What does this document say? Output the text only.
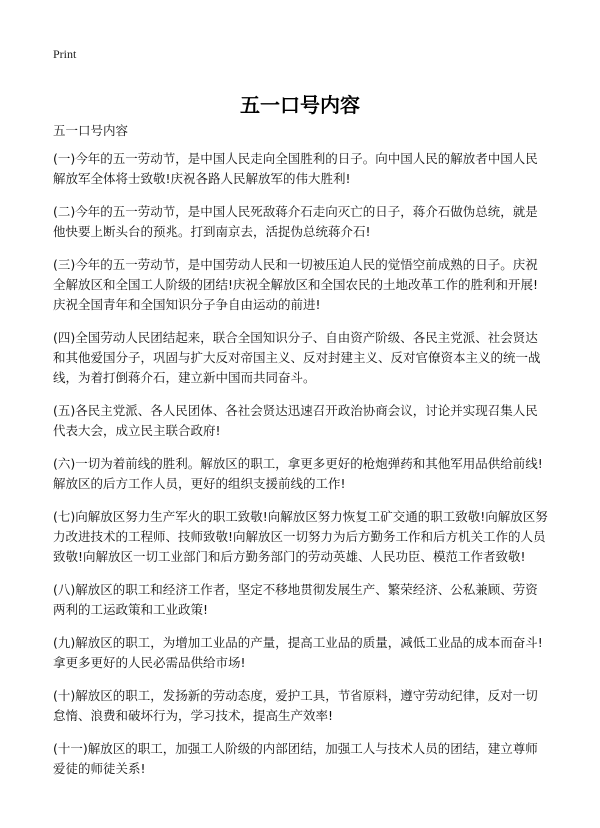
Print
五一口号内容

五一口号内容

(一)今年的五一劳动节，是中国人民走向全国胜利的日子。向中国人民的解放者中国人民解放军全体将士致敬!庆祝各路人民解放军的伟大胜利!

(二)今年的五一劳动节，是中国人民死敌蒋介石走向灭亡的日子，蒋介石做伪总统，就是他快要上断头台的预兆。打到南京去，活捉伪总统蒋介石!

(三)今年的五一劳动节，是中国劳动人民和一切被压迫人民的觉悟空前成熟的日子。庆祝全解放区和全国工人阶级的团结!庆祝全解放区和全国农民的土地改革工作的胜利和开展!庆祝全国青年和全国知识分子争自由运动的前进!

(四)全国劳动人民团结起来，联合全国知识分子、自由资产阶级、各民主党派、社会贤达和其他爱国分子，巩固与扩大反对帝国主义、反对封建主义、反对官僚资本主义的统一战线，为着打倒蒋介石，建立新中国而共同奋斗。

(五)各民主党派、各人民团体、各社会贤达迅速召开政治协商会议，讨论并实现召集人民代表大会，成立民主联合政府!

(六)一切为着前线的胜利。解放区的职工，拿更多更好的枪炮弹药和其他军用品供给前线!解放区的后方工作人员，更好的组织支援前线的工作!

(七)向解放区努力生产军火的职工致敬!向解放区努力恢复工矿交通的职工致敬!向解放区努力改进技术的工程师、技师致敬!向解放区一切努力为后方勤务工作和后方机关工作的人员致敬!向解放区一切工业部门和后方勤务部门的劳动英雄、人民功臣、模范工作者致敬!

(八)解放区的职工和经济工作者，坚定不移地贯彻发展生产、繁荣经济、公私兼顾、劳资两利的工运政策和工业政策!

(九)解放区的职工，为增加工业品的产量，提高工业品的质量，减低工业品的成本而奋斗!拿更多更好的人民必需品供给市场!

(十)解放区的职工，发扬新的劳动态度，爱护工具，节省原料，遵守劳动纪律，反对一切怠惰、浪费和破坏行为，学习技术，提高生产效率!

(十一)解放区的职工，加强工人阶级的内部团结，加强工人与技术人员的团结，建立尊师爱徒的师徒关系!
